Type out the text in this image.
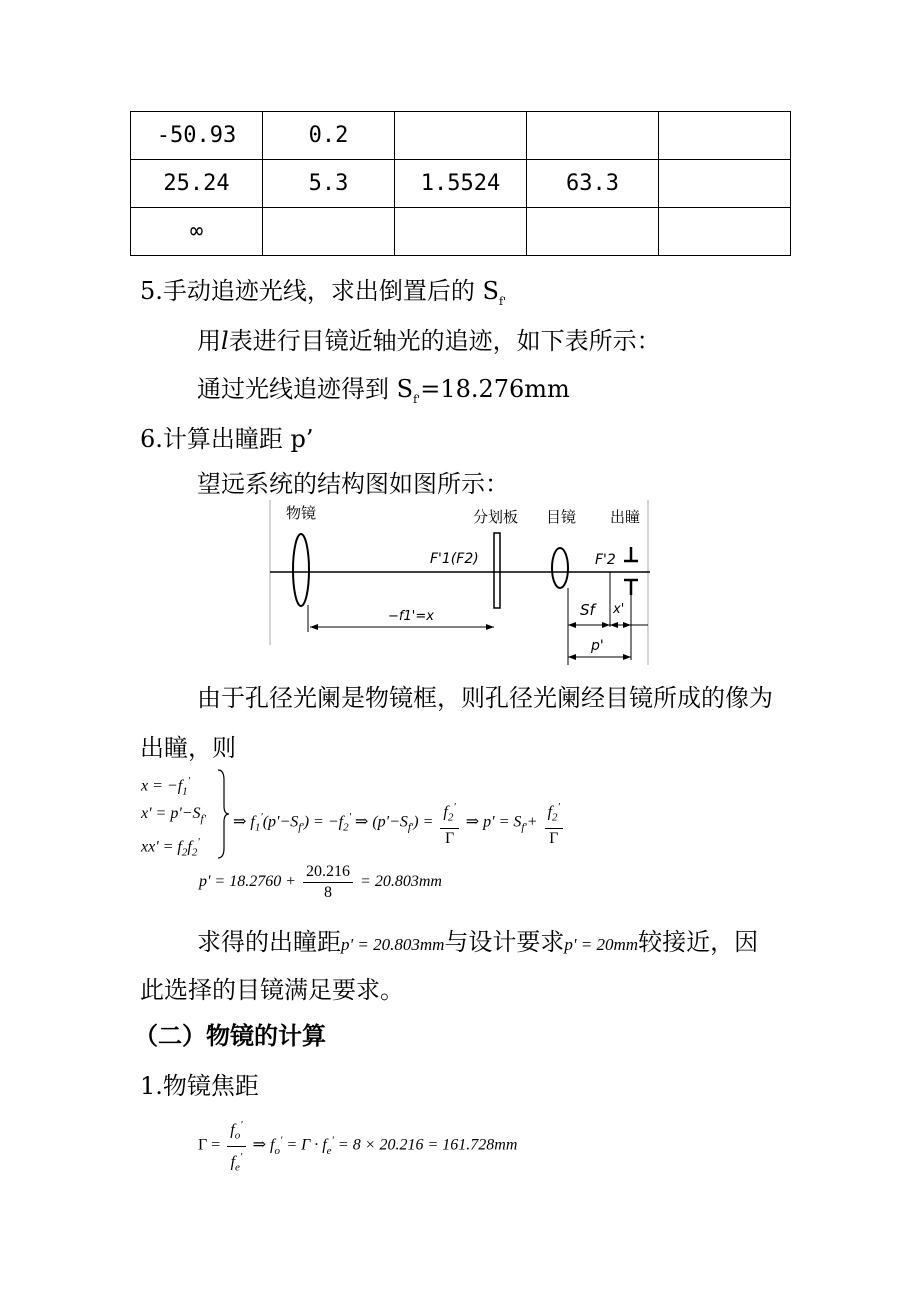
-50.93	0.2			
25.24	5.3	1.5524	63.3	
∞				
5.手动追迹光线，求出倒置后的 $S_{f'}$
用l表进行目镜近轴光的追迹，如下表所示：
通过光线追迹得到 $S_{f'}=18.276mm$
6.计算出瞳距 p’
望远系统的结构图如图所示：
物镜	分划板 目镜 出瞳
F'1(F2)	F'2
−f1'=x	Sf x'
p'
由于孔径光阑是物镜框，则孔径光阑经目镜所成的像为
出瞳，则
$x = -f_1'$
$x' = p'-S_{f'}$
$xx' = f_2f_2'$
⇒ $f_1'(p'-S_{f'}) = -f_2'$ ⇒ $(p'-S_{f'}) = \frac{f_2'}{\Gamma}$ ⇒ $p' = S_{f'}+ \frac{f_2'}{\Gamma}$
$p' = 18.2760 + \frac{20.216}{8} = 20.803mm$
求得的出瞳距p' = 20.803mm与设计要求p' = 20mm较接近，因
此选择的目镜满足要求。
（二）物镜的计算
1.物镜焦距
$\Gamma = \frac{f_o'}{f_e'}$ ⇒ $f_o' = \Gamma \cdot f_e' = 8 \times 20.216 = 161.728mm$
